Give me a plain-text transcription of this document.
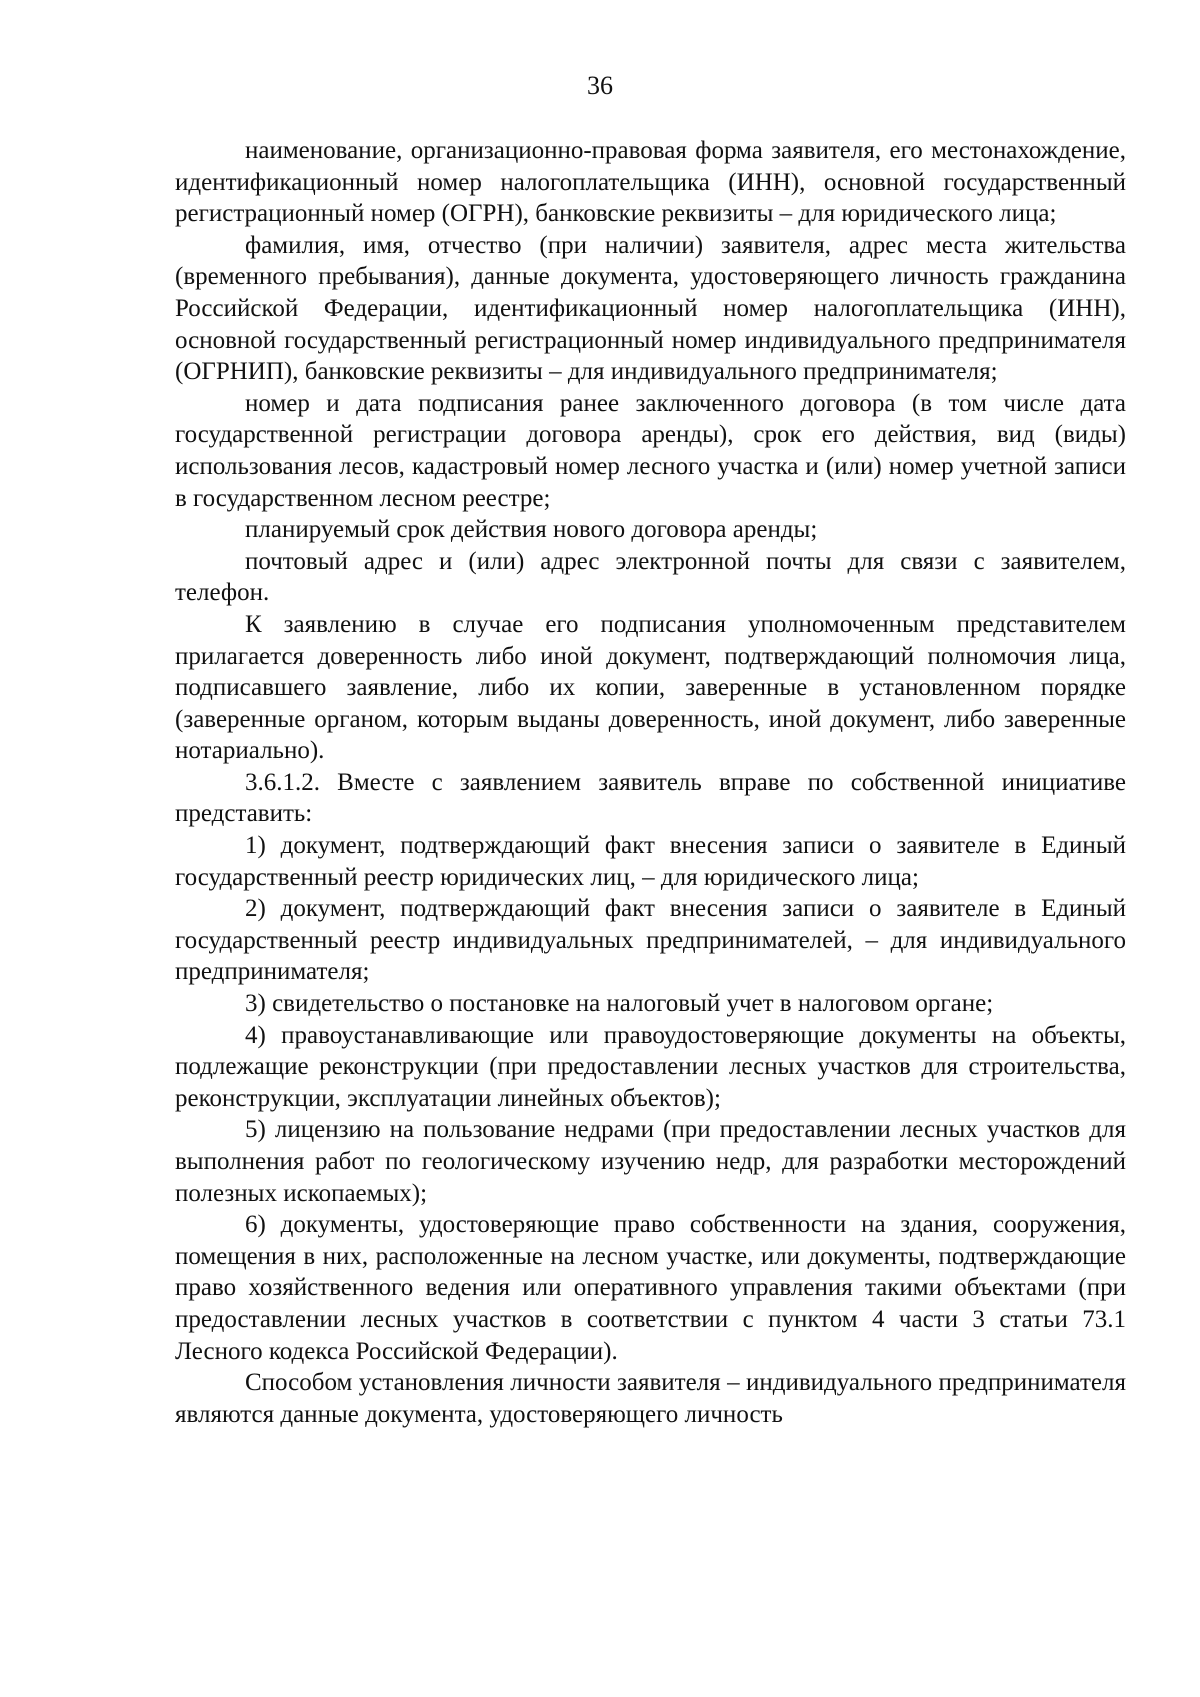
36

наименование, организационно-правовая форма заявителя, его местонахождение, идентификационный номер налогоплательщика (ИНН), основной государственный регистрационный номер (ОГРН), банковские реквизиты – для юридического лица;

фамилия, имя, отчество (при наличии) заявителя, адрес места жительства (временного пребывания), данные документа, удостоверяющего личность гражданина Российской Федерации, идентификационный номер налогоплательщика (ИНН), основной государственный регистрационный номер индивидуального предпринимателя (ОГРНИП), банковские реквизиты – для индивидуального предпринимателя;

номер и дата подписания ранее заключенного договора (в том числе дата государственной регистрации договора аренды), срок его действия, вид (виды) использования лесов, кадастровый номер лесного участка и (или) номер учетной записи в государственном лесном реестре;

планируемый срок действия нового договора аренды;

почтовый адрес и (или) адрес электронной почты для связи с заявителем, телефон.

К заявлению в случае его подписания уполномоченным представителем прилагается доверенность либо иной документ, подтверждающий полномочия лица, подписавшего заявление, либо их копии, заверенные в установленном порядке (заверенные органом, которым выданы доверенность, иной документ, либо заверенные нотариально).

3.6.1.2. Вместе с заявлением заявитель вправе по собственной инициативе представить:

1) документ, подтверждающий факт внесения записи о заявителе в Единый государственный реестр юридических лиц, – для юридического лица;

2) документ, подтверждающий факт внесения записи о заявителе в Единый государственный реестр индивидуальных предпринимателей, – для индивидуального предпринимателя;

3) свидетельство о постановке на налоговый учет в налоговом органе;

4) правоустанавливающие или правоудостоверяющие документы на объекты, подлежащие реконструкции (при предоставлении лесных участков для строительства, реконструкции, эксплуатации линейных объектов);

5) лицензию на пользование недрами (при предоставлении лесных участков для выполнения работ по геологическому изучению недр, для разработки месторождений полезных ископаемых);

6) документы, удостоверяющие право собственности на здания, сооружения, помещения в них, расположенные на лесном участке, или документы, подтверждающие право хозяйственного ведения или оперативного управления такими объектами (при предоставлении лесных участков в соответствии с пунктом 4 части 3 статьи 73.1 Лесного кодекса Российской Федерации).

Способом установления личности заявителя – индивидуального предпринимателя являются данные документа, удостоверяющего личность
